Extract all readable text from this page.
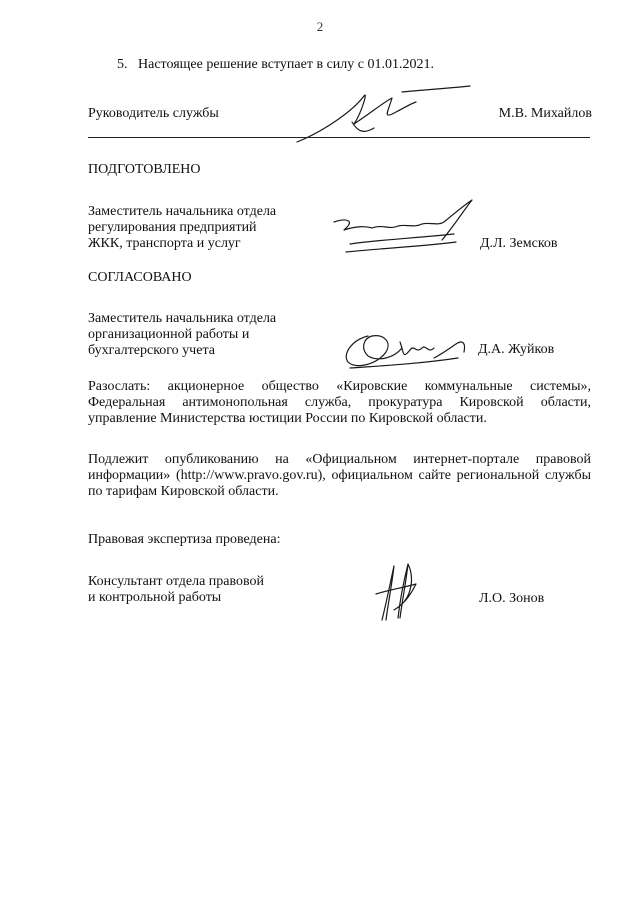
2
5. Настоящее решение вступает в силу с 01.01.2021.
Руководитель службы	М.В. Михайлов
ПОДГОТОВЛЕНО
Заместитель начальника отдела
регулирования предприятий
ЖКК, транспорта и услуг	Д.Л. Земсков
СОГЛАСОВАНО
Заместитель начальника отдела
организационной работы и
бухгалтерского учета	Д.А. Жуйков

Разослать: акционерное общество «Кировские коммунальные системы», Федеральная антимонопольная служба, прокуратура Кировской области, управление Министерства юстиции России по Кировской области.

Подлежит опубликованию на «Официальном интернет-портале правовой информации» (http://www.pravo.gov.ru), официальном сайте региональной службы по тарифам Кировской области.

Правовая экспертиза проведена:
Консультант отдела правовой
и контрольной работы	Л.О. Зонов
